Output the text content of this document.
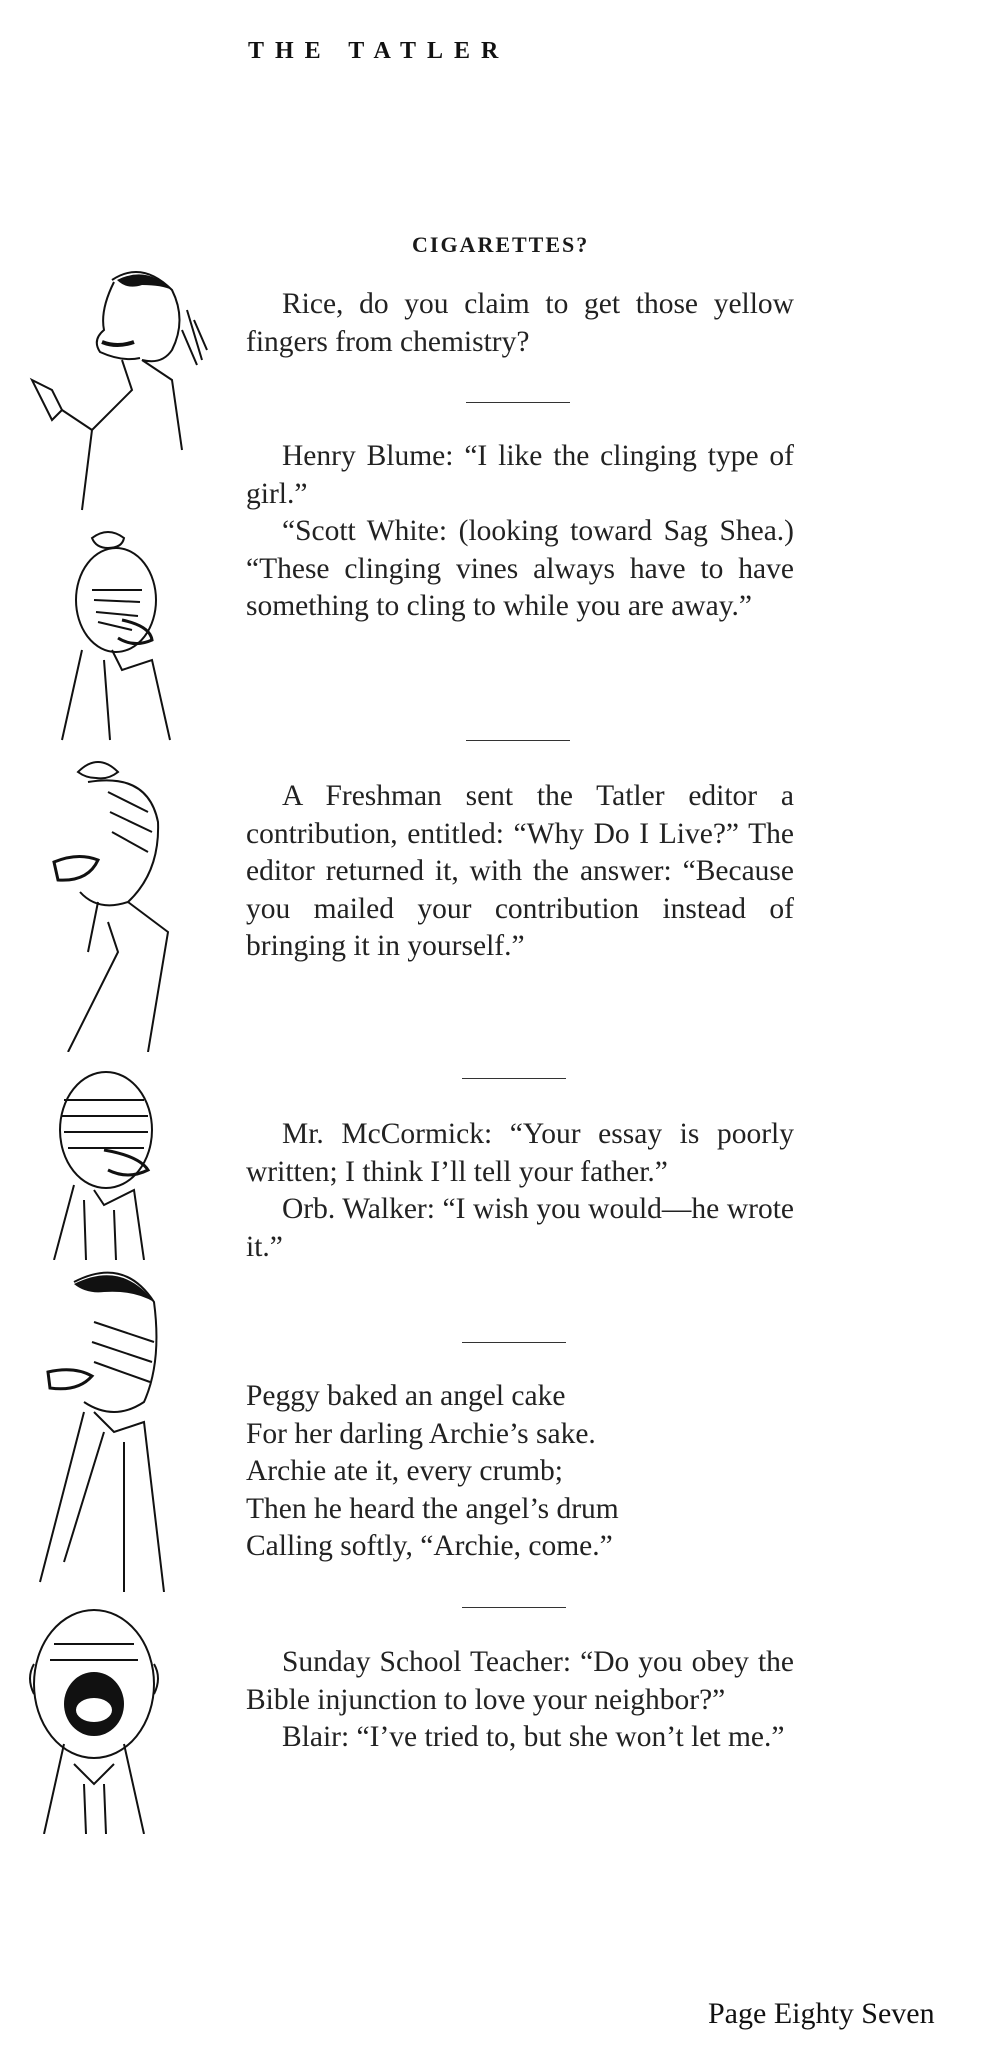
THE TATLER
CIGARETTES?

Rice, do you claim to get those yellow fingers from chemistry?

Henry Blume: “I like the clinging type of girl.”

“Scott White: (looking toward Sag Shea.) “These clinging vines always have to have something to cling to while you are away.”

A Freshman sent the Tatler editor a contribution, entitled: “Why Do I Live?” The editor returned it, with the answer: “Because you mailed your contribution instead of bringing it in yourself.”

Mr. McCormick: “Your essay is poorly written; I think I’ll tell your father.”

Orb. Walker: “I wish you would—he wrote it.”

Peggy baked an angel cake

For her darling Archie’s sake.

Archie ate it, every crumb;

Then he heard the angel’s drum

Calling softly, “Archie, come.”

Sunday School Teacher: “Do you obey the Bible injunction to love your neighbor?”

Blair: “I’ve tried to, but she won’t let me.”

Page Eighty Seven
